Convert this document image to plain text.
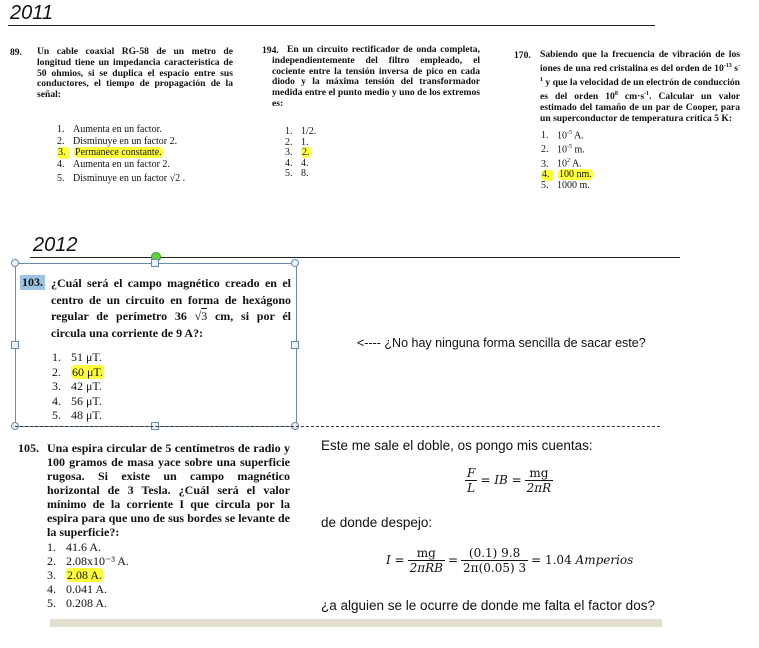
2011
89. Un cable coaxial RG-58 de un metro de longitud tiene un impedancia caracteristica de 50 ohmios, si se duplica el espacio entre sus conductores, el tiempo de propagación de la señal:
1. Aumenta en un factor.
2. Disminuye en un factor 2.
3. Permanece constante.
4. Aumenta en un factor 2.
5. Disminuye en un factor √2 .
194. En un circuito rectificador de onda completa, independientemente del filtro empleado, el cociente entre la tensión inversa de pico en cada diodo y la máxima tensión del transformador medida entre el punto medio y uno de los extremos es:
1. 1/2.
2. 1.
3. 2.
4. 4.
5. 8.
170. Sabiendo que la frecuencia de vibración de los iones de una red cristalina es del orden de $10^{-13}$ $s^{-1}$ y que la velocidad de un electrón de conducción es del orden $10^8$ $cm\cdot s^{-1}$. Calcular un valor estimado del tamaño de un par de Cooper, para un superconductor de temperatura crítica 5 K:
1. $10^{-5}$ A.
2. $10^{-5}$ m.
3. $10^2$ A.
4. 100 nm.
5. 1000 m.
2012
103. ¿Cuál será el campo magnético creado en el centro de un circuito en forma de hexágono regular de perímetro 36 √3 cm, si por él circula una corriente de 9 A?:
1. 51 μT.
2. 60 μT.
3. 42 μT.
4. 56 μT.
5. 48 μT.
<---- ¿No hay ninguna forma sencilla de sacar este?
105. Una espira circular de 5 centímetros de radio y 100 gramos de masa yace sobre una superficie rugosa. Si existe un campo magnético horizontal de 3 Tesla. ¿Cuál será el valor mínimo de la corriente I que circula por la espira para que uno de sus bordes se levante de la superficie?:
1. 41.6 A.
2. 2.08x10⁻³ A.
3. 2.08 A.
4. 0.041 A.
5. 0.208 A.
Este me sale el doble, os pongo mis cuentas:
$\frac{F}{L}$ = IB = $\frac{mg}{2\pi R}$
de donde despejo:
$I = \frac{mg}{\text{2πRB}} = \frac{(0.1) 9.8}{2\pi(0.05) 3} = 1.04$ Amperios
¿a alguien se le ocurre de donde me falta el factor dos?
